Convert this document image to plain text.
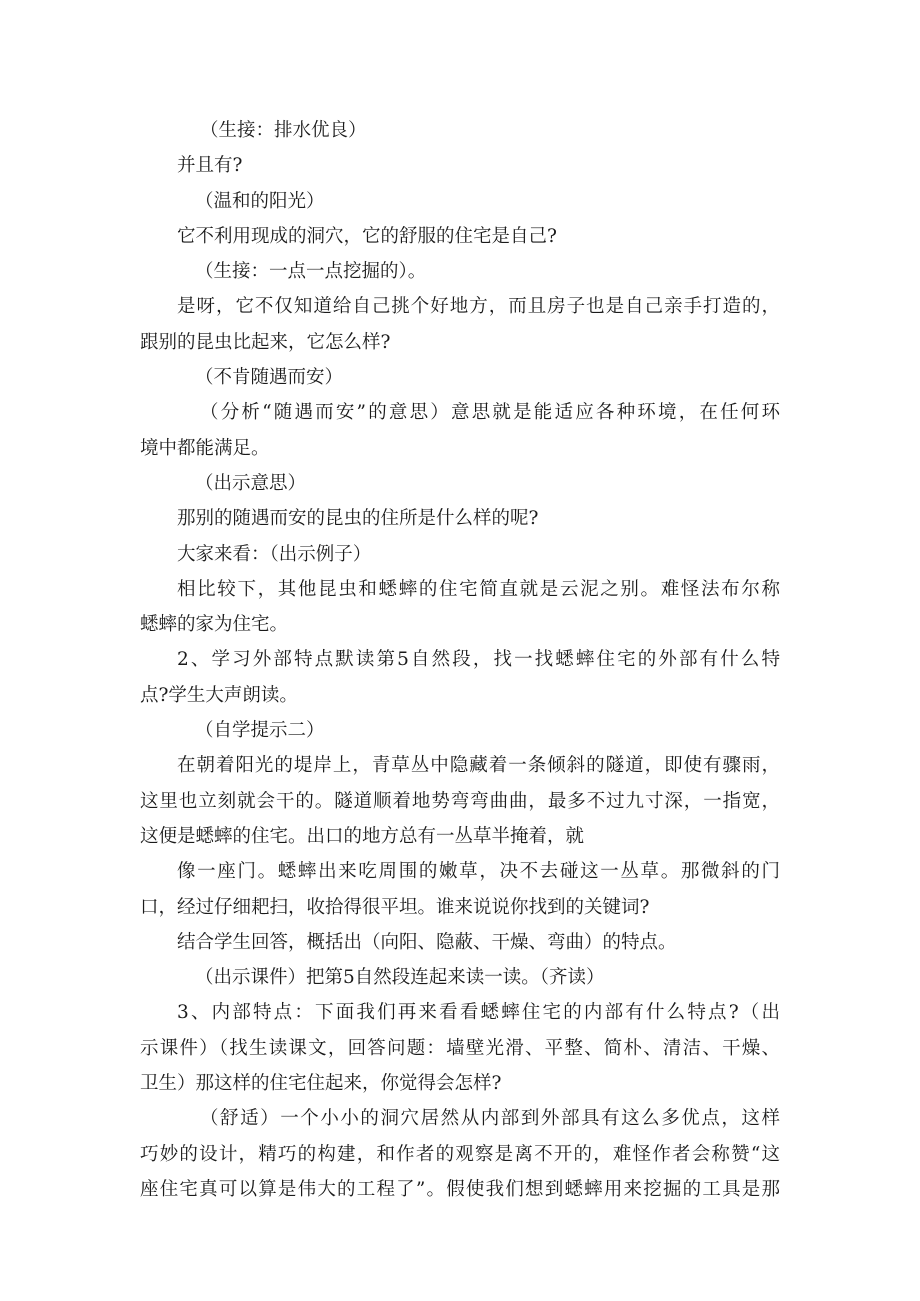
（生接：排水优良）
并且有?
（温和的阳光）
它不利用现成的洞穴，它的舒服的住宅是自己?
（生接：一点一点挖掘的）。
是呀，它不仅知道给自己挑个好地方，而且房子也是自己亲手打造的，
跟别的昆虫比起来，它怎么样?
（不肯随遇而安）
（分析“随遇而安”的意思）意思就是能适应各种环境，在任何环
境中都能满足。
（出示意思）
那别的随遇而安的昆虫的住所是什么样的呢?
大家来看：（出示例子）
相比较下，其他昆虫和蟋蟀的住宅简直就是云泥之别。难怪法布尔称
蟋蟀的家为住宅。
2、学习外部特点默读第5自然段，找一找蟋蟀住宅的外部有什么特
点?学生大声朗读。
（自学提示二）
在朝着阳光的堤岸上，青草丛中隐藏着一条倾斜的隧道，即使有骤雨，
这里也立刻就会干的。隧道顺着地势弯弯曲曲，最多不过九寸深，一指宽，
这便是蟋蟀的住宅。出口的地方总有一丛草半掩着，就
像一座门。蟋蟀出来吃周围的嫩草，决不去碰这一丛草。那微斜的门
口，经过仔细耙扫，收拾得很平坦。谁来说说你找到的关键词?
结合学生回答，概括出（向阳、隐蔽、干燥、弯曲）的特点。
（出示课件）把第5自然段连起来读一读。（齐读）
3、内部特点：下面我们再来看看蟋蟀住宅的内部有什么特点?（出
示课件）（找生读课文，回答问题：墙壁光滑、平整、简朴、清洁、干燥、
卫生）那这样的住宅住起来，你觉得会怎样?
（舒适）一个小小的洞穴居然从内部到外部具有这么多优点，这样
巧妙的设计，精巧的构建，和作者的观察是离不开的，难怪作者会称赞“这
座住宅真可以算是伟大的工程了”。假使我们想到蟋蟀用来挖掘的工具是那
